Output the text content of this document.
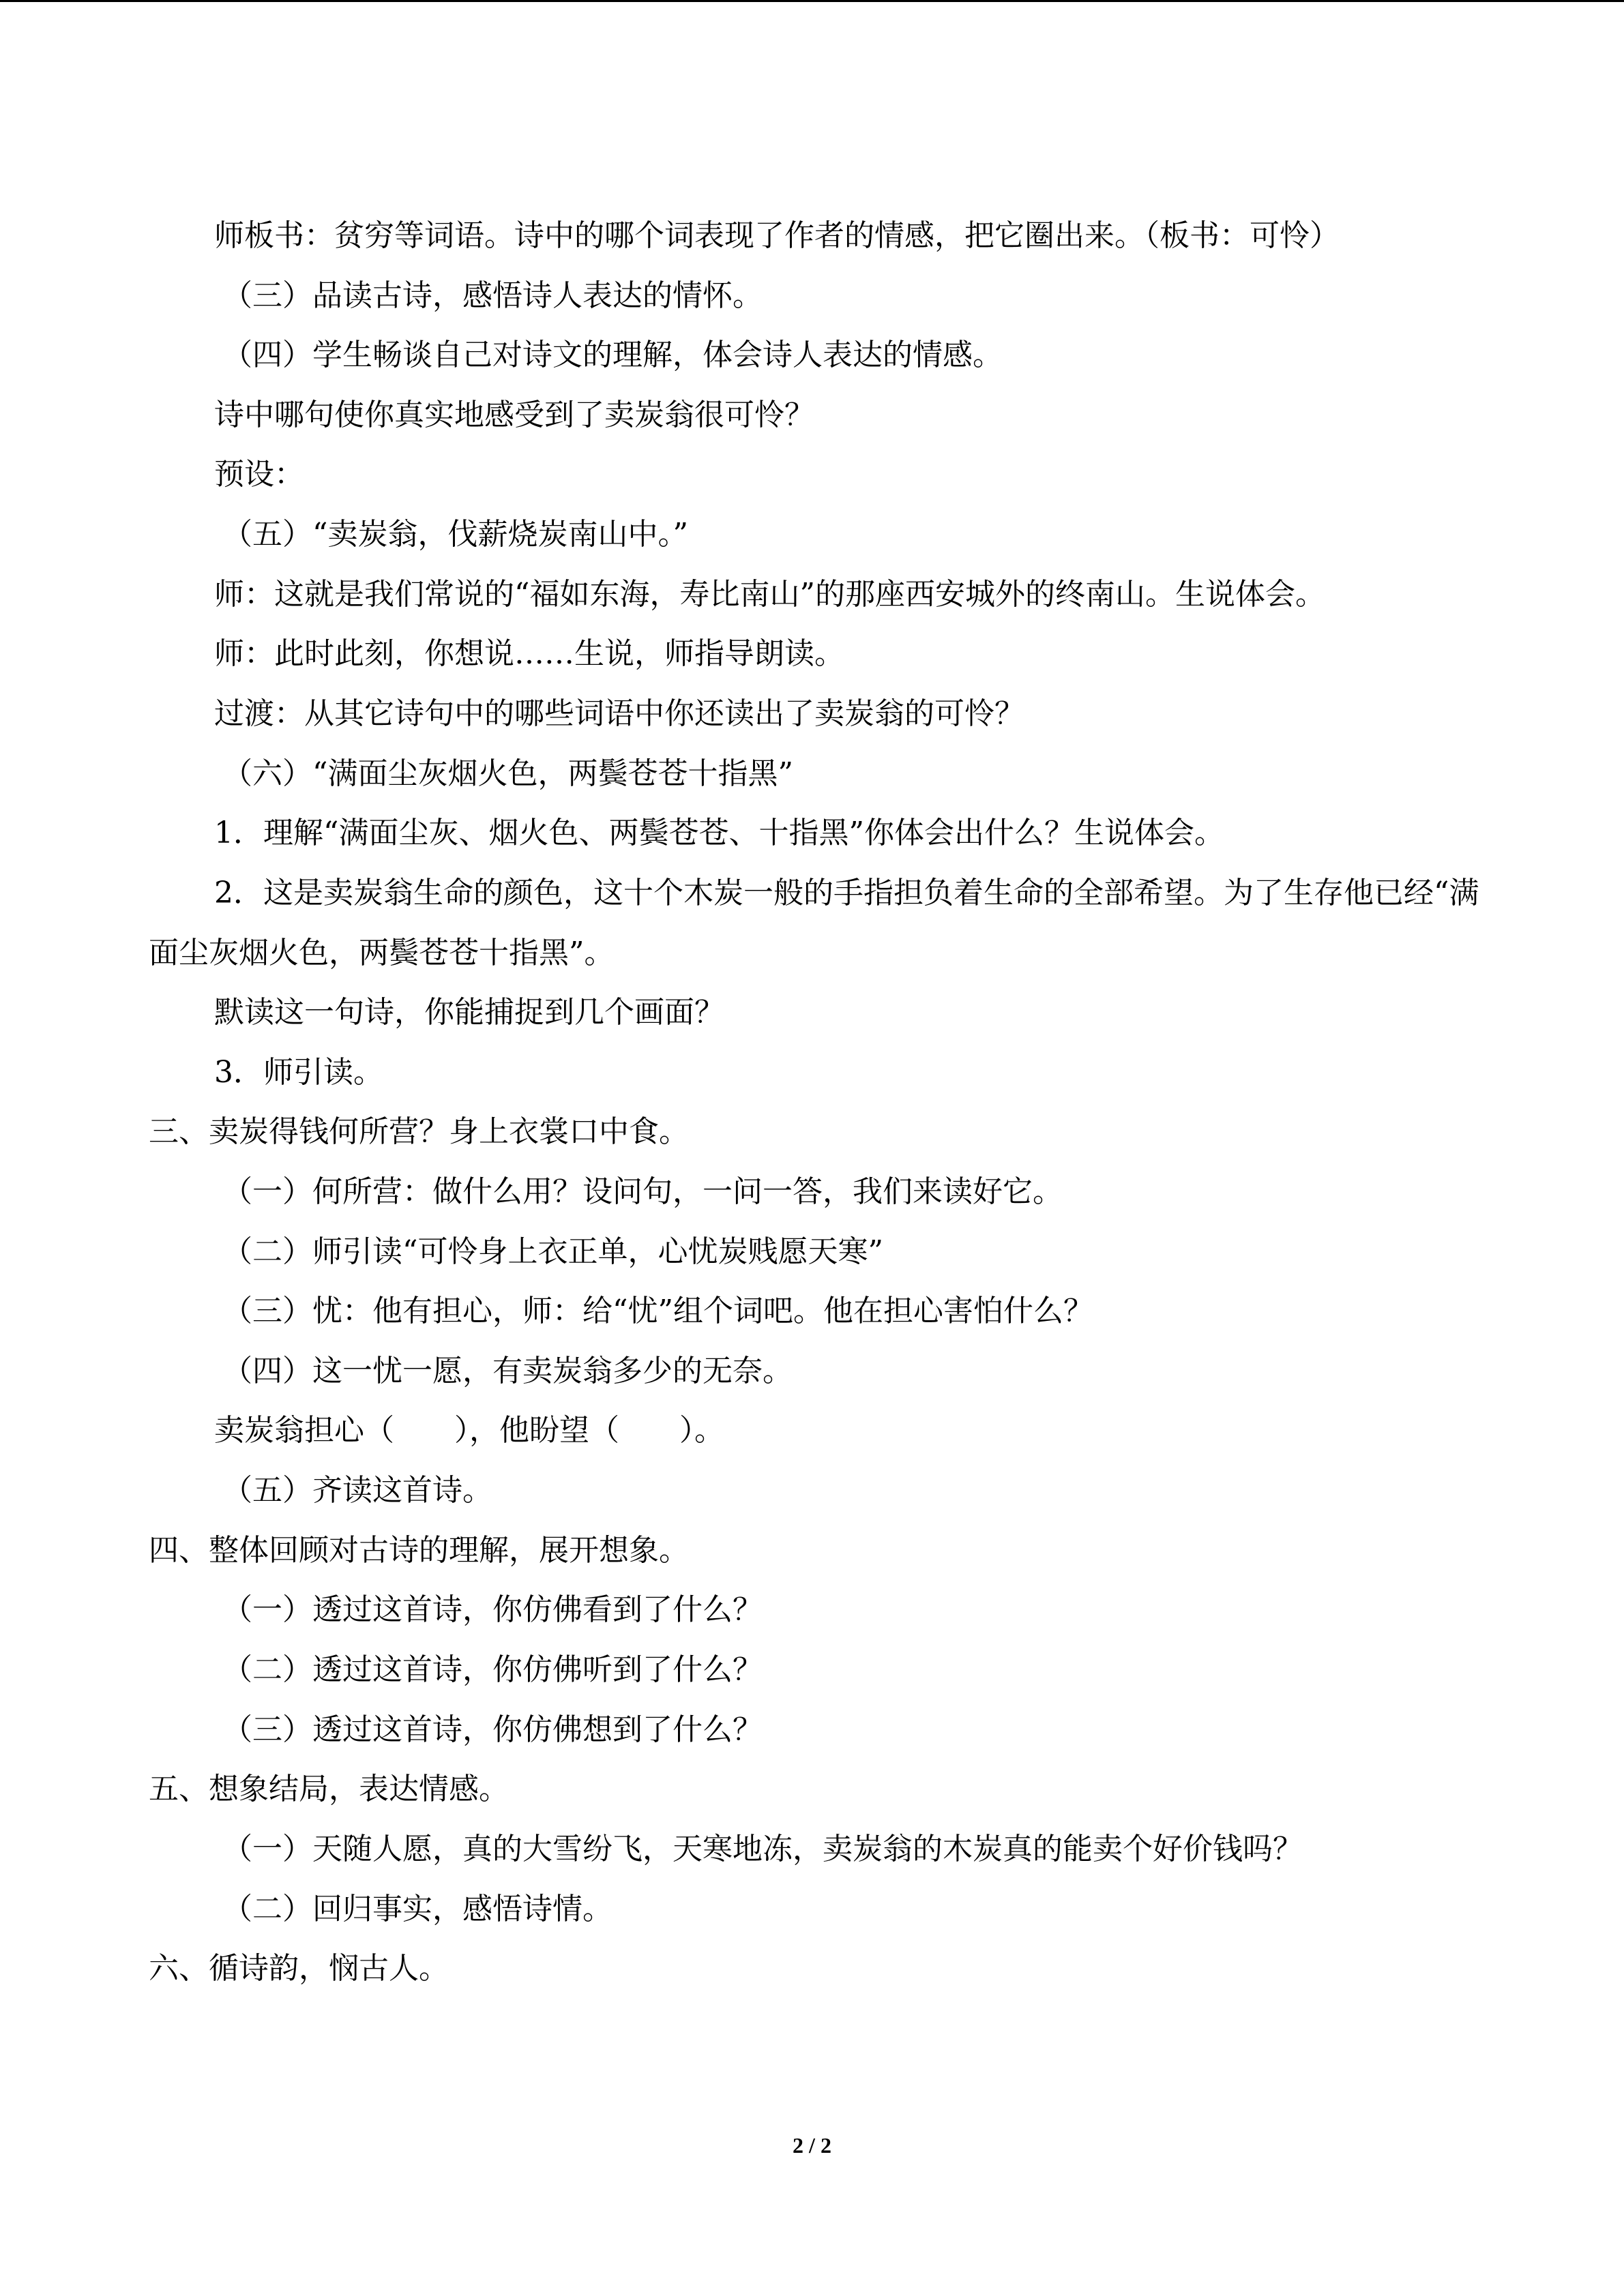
师板书：贫穷等词语。诗中的哪个词表现了作者的情感，把它圈出来。（板书：可怜）
（三）品读古诗，感悟诗人表达的情怀。
（四）学生畅谈自己对诗文的理解，体会诗人表达的情感。
诗中哪句使你真实地感受到了卖炭翁很可怜？
预设：
（五）“卖炭翁，伐薪烧炭南山中。”
师：这就是我们常说的“福如东海，寿比南山”的那座西安城外的终南山。生说体会。
师：此时此刻，你想说……生说，师指导朗读。
过渡：从其它诗句中的哪些词语中你还读出了卖炭翁的可怜？
（六）“满面尘灰烟火色，两鬓苍苍十指黑”
1．理解“满面尘灰、烟火色、两鬓苍苍、十指黑”你体会出什么？生说体会。
2．这是卖炭翁生命的颜色，这十个木炭一般的手指担负着生命的全部希望。为了生存他已经“满面尘灰烟火色，两鬓苍苍十指黑”。
默读这一句诗，你能捕捉到几个画面？
3．师引读。
三、卖炭得钱何所营？身上衣裳口中食。
（一）何所营：做什么用？设问句，一问一答，我们来读好它。
（二）师引读“可怜身上衣正单，心忧炭贱愿天寒”
（三）忧：他有担心，师：给“忧”组个词吧。他在担心害怕什么？
（四）这一忧一愿，有卖炭翁多少的无奈。
卖炭翁担心（　　），他盼望（　　）。
（五）齐读这首诗。
四、整体回顾对古诗的理解，展开想象。
（一）透过这首诗，你仿佛看到了什么？
（二）透过这首诗，你仿佛听到了什么？
（三）透过这首诗，你仿佛想到了什么？
五、想象结局，表达情感。
（一）天随人愿，真的大雪纷飞，天寒地冻，卖炭翁的木炭真的能卖个好价钱吗？
（二）回归事实，感悟诗情。
六、循诗韵，悯古人。
2 / 2
